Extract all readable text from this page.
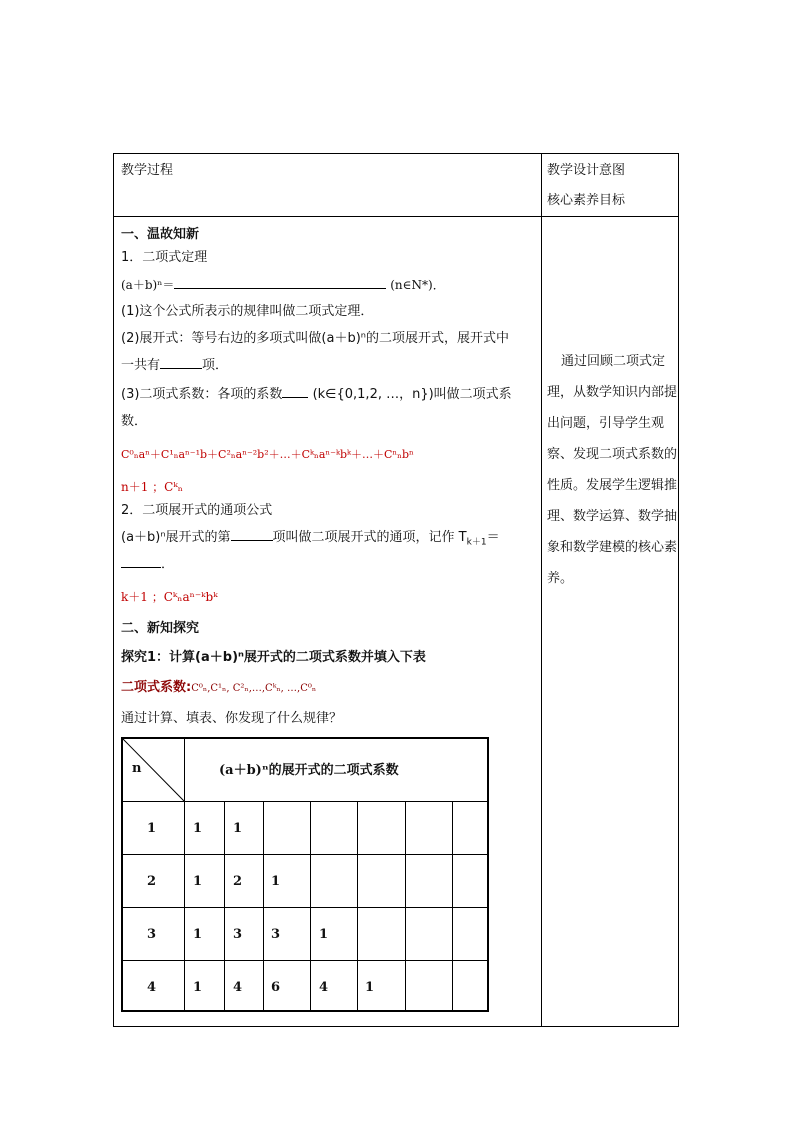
教学过程	教学设计意图
核心素养目标
一、温故知新
1．二项式定理
(a＋b)ⁿ＝	(n∈N*)．
(1)这个公式所表示的规律叫做二项式定理．
(2)展开式：等号右边的多项式叫做(a＋b)ⁿ的二项展开式，展开式中
一共有	项．
(3)二项式系数：各项的系数 (k∈{0,1,2, …，n})叫做二项式系
数．
C⁰ₙaⁿ＋C¹ₙaⁿ⁻¹b＋C²ₙaⁿ⁻²b²＋…＋Cᵏₙaⁿ⁻ᵏbᵏ＋…＋Cⁿₙbⁿ
n＋1 ；Cᵏₙ
2．二项展开式的通项公式
(a＋b)ⁿ展开式的第	项叫做二项展开式的通项，记作 $T_{k+1}=$
．
k＋1 ；Cᵏₙaⁿ⁻ᵏbᵏ
二、新知探究
探究1：计算(a＋b)ⁿ展开式的二项式系数并填入下表
二项式系数:C⁰ₙ,C¹ₙ, C²ₙ,…,Cᵏₙ, …,C⁰ₙ
通过计算、填表、你发现了什么规律？
n	(a＋b)ⁿ的展开式的二项式系数
1	1 1
2	1 2 1
3	1 3 3	1
4	1 4 6	4	1
通过回顾二项式定理，从数学知识内部提出问题，引导学生观察、发现二项式系数的性质。发展学生逻辑推理、数学运算、数学抽象和数学建模的核心素养。
